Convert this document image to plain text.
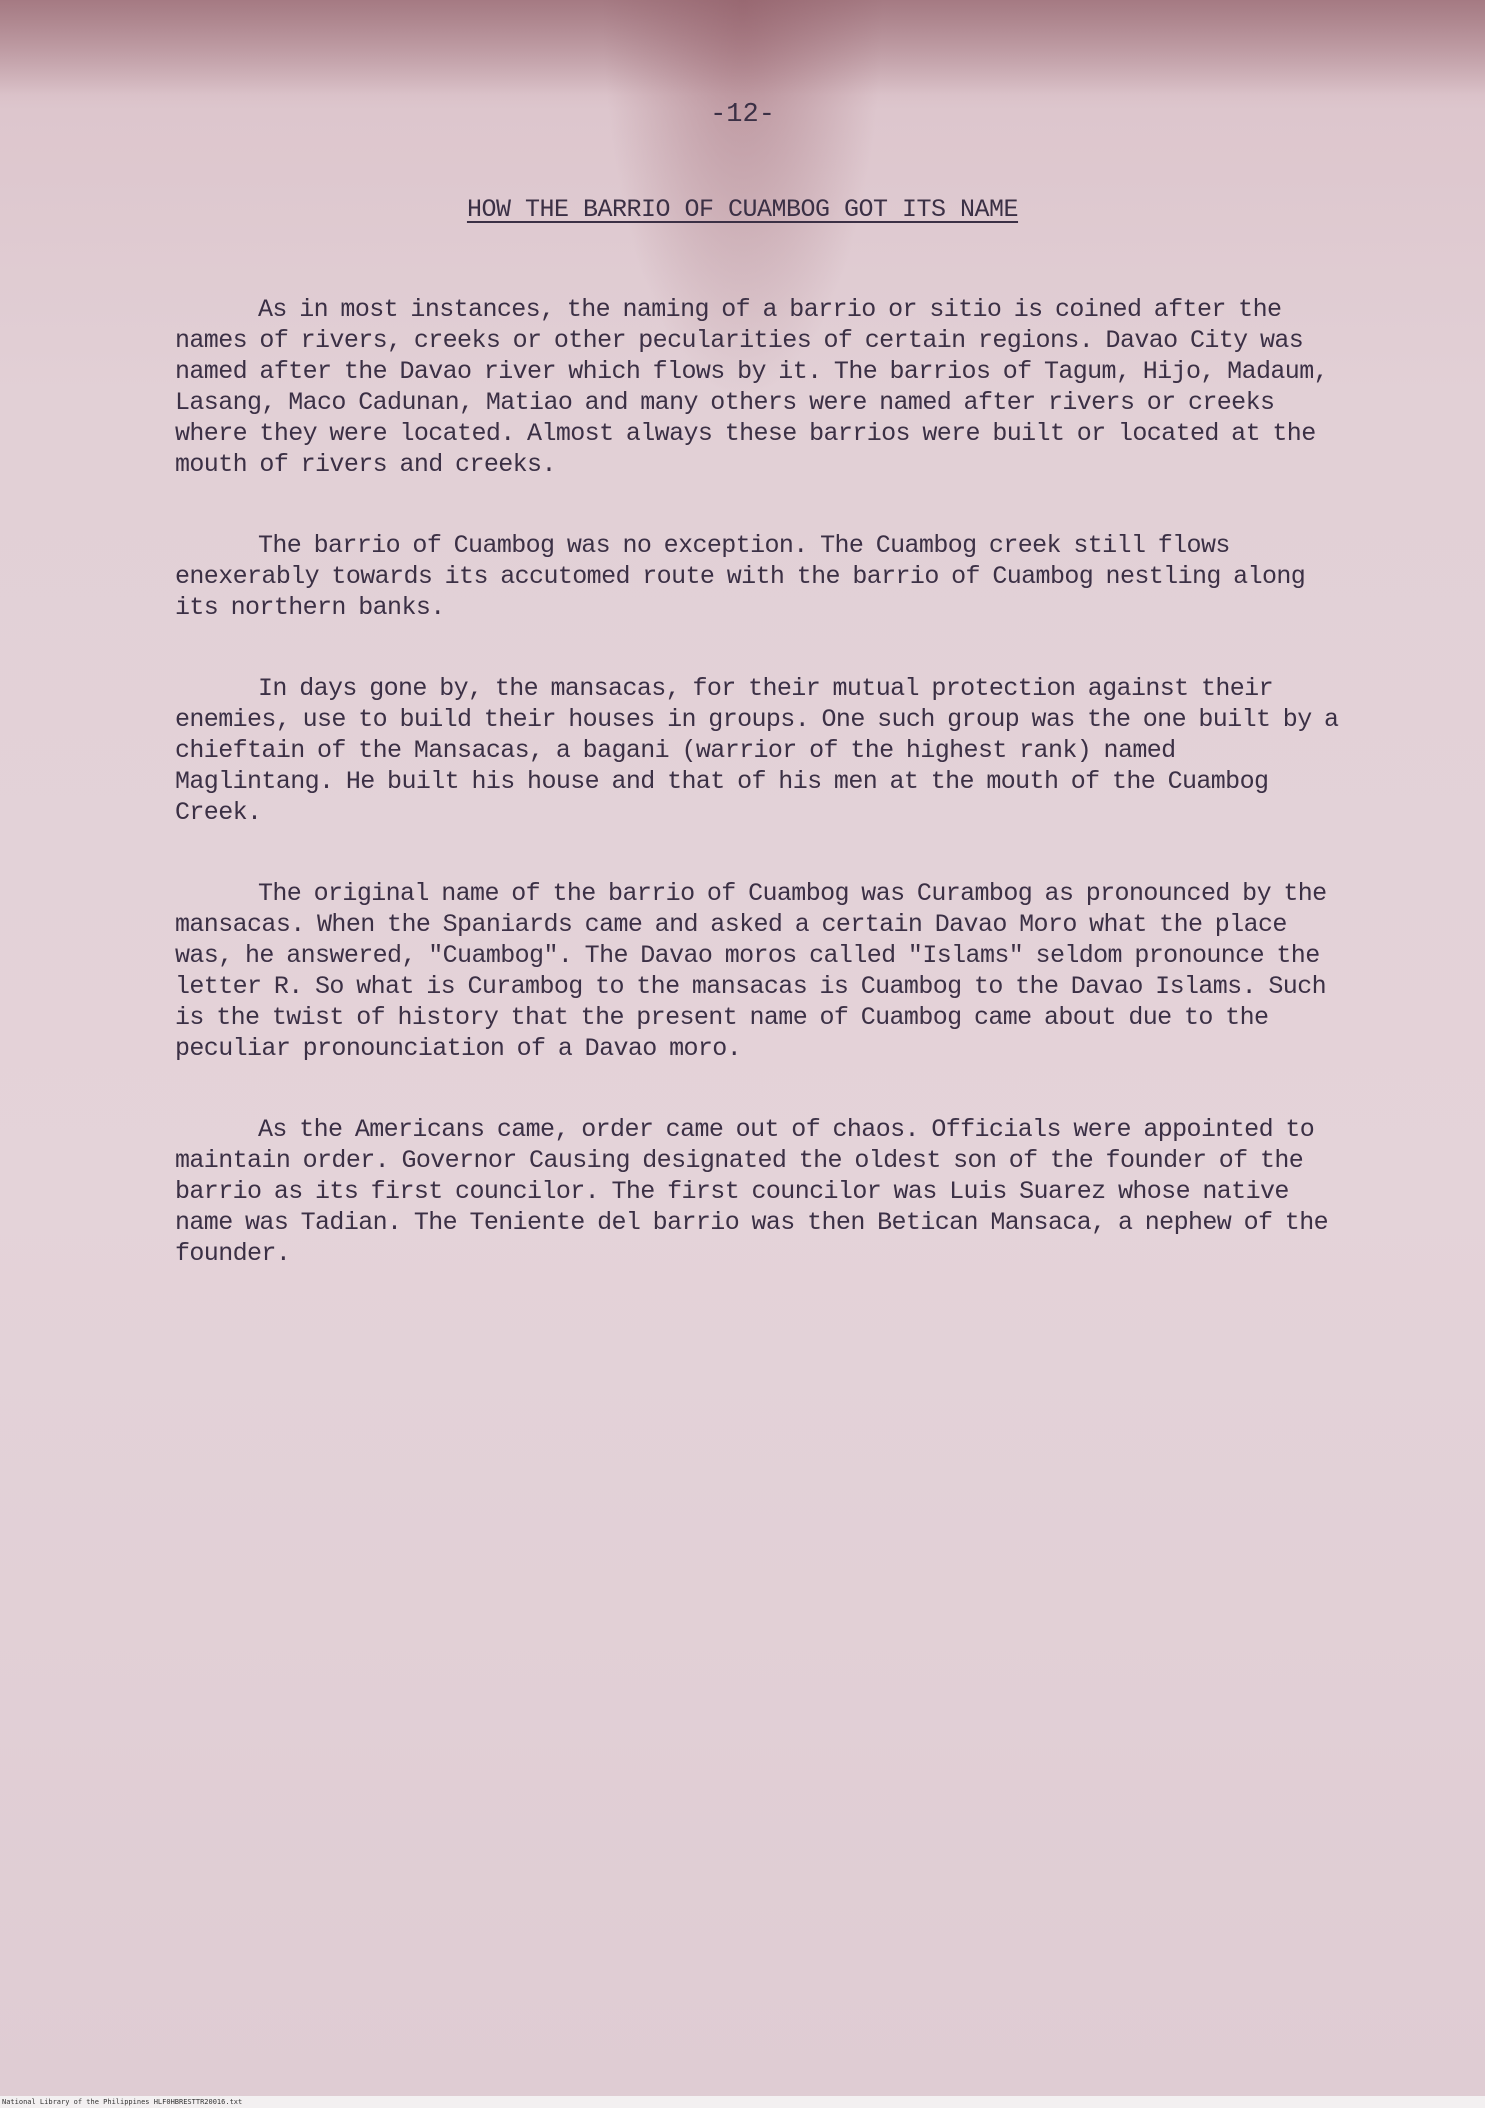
-12-
HOW THE BARRIO OF CUAMBOG GOT ITS NAME

As in most instances, the naming of a barrio or sitio is coined after the names of rivers, creeks or other pecularities of certain regions. Davao City was named after the Davao river which flows by it. The barrios of Tagum, Hijo, Madaum, Lasang, Maco Cadunan, Matiao and many others were named after rivers or creeks where they were located. Almost always these barrios were built or located at the mouth of rivers and creeks.

The barrio of Cuambog was no exception. The Cuambog creek still flows enexerably towards its accutomed route with the barrio of Cuambog nestling along its northern banks.

In days gone by, the mansacas, for their mutual protection against their enemies, use to build their houses in groups. One such group was the one built by a chieftain of the Mansacas, a bagani (warrior of the highest rank) named Maglintang. He built his house and that of his men at the mouth of the Cuambog Creek.

The original name of the barrio of Cuambog was Curambog as pronounced by the mansacas. When the Spaniards came and asked a certain Davao Moro what the place was, he answered, "Cuambog". The Davao moros called "Islams" seldom pronounce the letter R. So what is Curambog to the mansacas is Cuambog to the Davao Islams. Such is the twist of history that the present name of Cuambog came about due to the peculiar pronounciation of a Davao moro.

As the Americans came, order came out of chaos. Officials were appointed to maintain order. Governor Causing designated the oldest son of the founder of the barrio as its first councilor. The first councilor was Luis Suarez whose native name was Tadian. The Teniente del barrio was then Betican Mansaca, a nephew of the founder.

National Library of the Philippines HLF0HBRESTTR20016.txt
